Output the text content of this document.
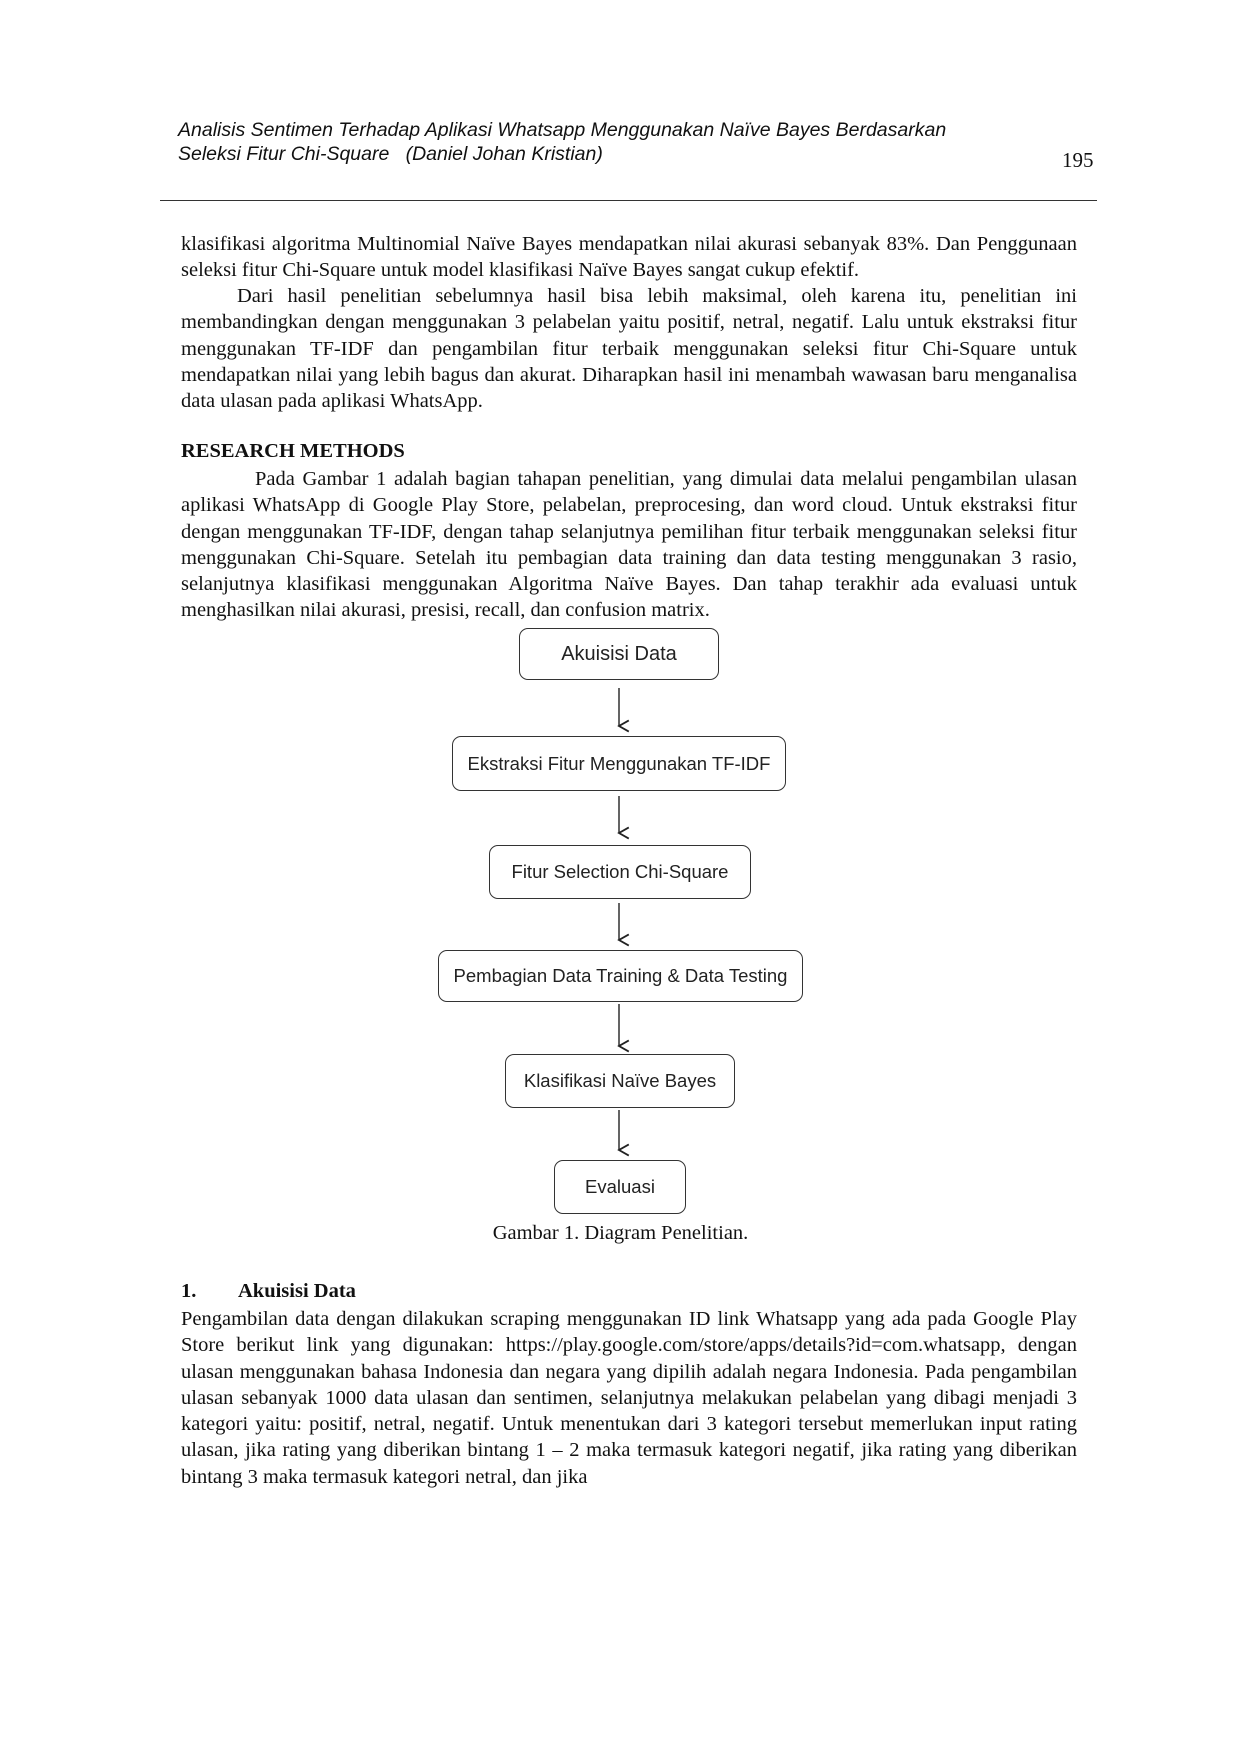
Analisis Sentimen Terhadap Aplikasi Whatsapp Menggunakan Naïve Bayes Berdasarkan
Seleksi Fitur Chi-Square   (Daniel Johan Kristian)	195

klasifikasi algoritma Multinomial Naïve Bayes mendapatkan nilai akurasi sebanyak 83%. Dan Penggunaan seleksi fitur Chi-Square untuk model klasifikasi Naïve Bayes sangat cukup efektif.

Dari hasil penelitian sebelumnya hasil bisa lebih maksimal, oleh karena itu, penelitian ini membandingkan dengan menggunakan 3 pelabelan yaitu positif, netral, negatif. Lalu untuk ekstraksi fitur menggunakan TF-IDF dan pengambilan fitur terbaik menggunakan seleksi fitur Chi-Square untuk mendapatkan nilai yang lebih bagus dan akurat. Diharapkan hasil ini menambah wawasan baru menganalisa data ulasan pada aplikasi WhatsApp.

RESEARCH METHODS

Pada Gambar 1 adalah bagian tahapan penelitian, yang dimulai data melalui pengambilan ulasan aplikasi WhatsApp di Google Play Store, pelabelan, preprocesing, dan word cloud. Untuk ekstraksi fitur dengan menggunakan TF-IDF, dengan tahap selanjutnya pemilihan fitur terbaik menggunakan seleksi fitur menggunakan Chi-Square. Setelah itu pembagian data training dan data testing menggunakan 3 rasio, selanjutnya klasifikasi menggunakan Algoritma Naïve Bayes. Dan tahap terakhir ada evaluasi untuk menghasilkan nilai akurasi, presisi, recall, dan confusion matrix.

Akuisisi Data
Ekstraksi Fitur Menggunakan TF-IDF
Fitur Selection Chi-Square
Pembagian Data Training & Data Testing
Klasifikasi Naïve Bayes
Evaluasi
Gambar 1. Diagram Penelitian.
1. Akuisisi Data

Pengambilan data dengan dilakukan scraping menggunakan ID link Whatsapp yang ada pada Google Play Store berikut link yang digunakan: https://play.google.com/store/apps/details?id=com.whatsapp, dengan ulasan menggunakan bahasa Indonesia dan negara yang dipilih adalah negara Indonesia. Pada pengambilan ulasan sebanyak 1000 data ulasan dan sentimen, selanjutnya melakukan pelabelan yang dibagi menjadi 3 kategori yaitu: positif, netral, negatif. Untuk menentukan dari 3 kategori tersebut memerlukan input rating ulasan, jika rating yang diberikan bintang 1 – 2 maka termasuk kategori negatif, jika rating yang diberikan bintang 3 maka termasuk kategori netral, dan jika
